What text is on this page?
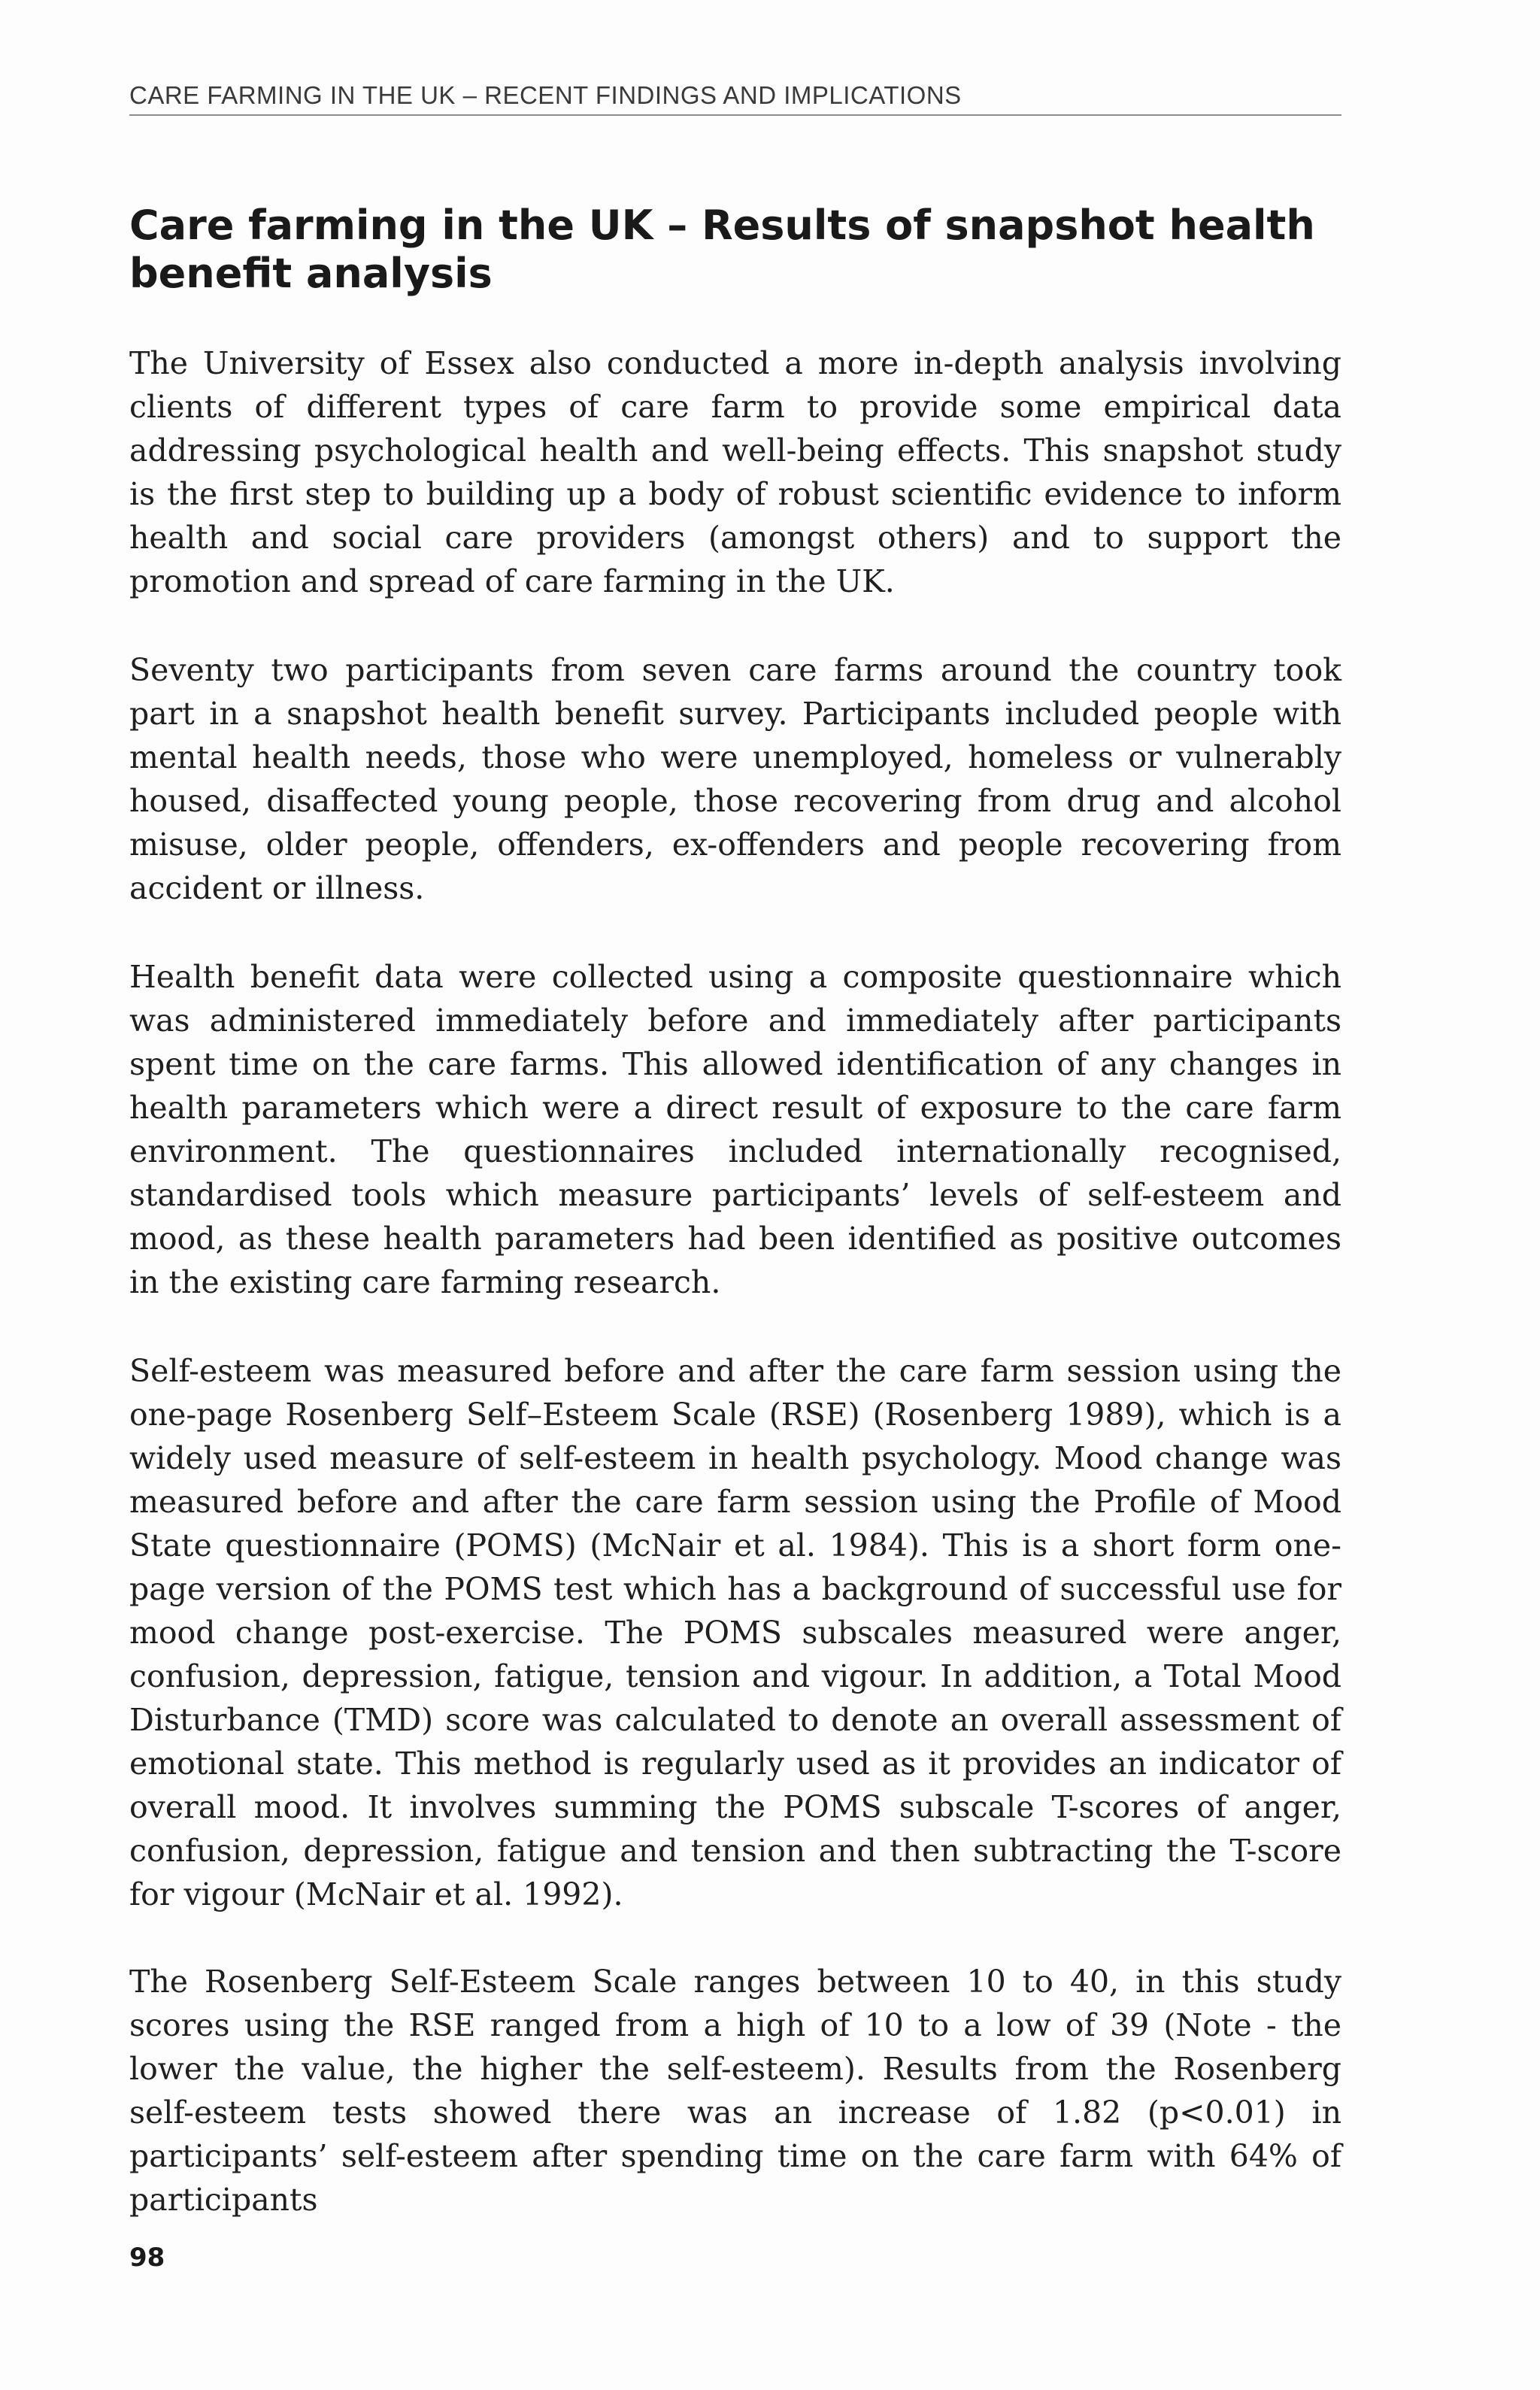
CARE FARMING IN THE UK – RECENT FINDINGS AND IMPLICATIONS
Care farming in the UK – Results of snapshot health benefit analysis

The University of Essex also conducted a more in-depth analysis involving clients of different types of care farm to provide some empirical data addressing psychological health and well-being effects. This snapshot study is the first step to building up a body of robust scientific evidence to inform health and social care providers (amongst others) and to support the promotion and spread of care farming in the UK.

Seventy two participants from seven care farms around the country took part in a snapshot health benefit survey. Participants included people with mental health needs, those who were unemployed, homeless or vulnerably housed, disaffected young people, those recovering from drug and alcohol misuse, older people, offenders, ex-offenders and people recovering from accident or illness.

Health benefit data were collected using a composite questionnaire which was administered immediately before and immediately after participants spent time on the care farms. This allowed identification of any changes in health parameters which were a direct result of exposure to the care farm environment. The questionnaires included internationally recognised, standardised tools which measure participants’ levels of self-esteem and mood, as these health parameters had been identified as positive outcomes in the existing care farming research.

Self-esteem was measured before and after the care farm session using the one-page Rosenberg Self–Esteem Scale (RSE) (Rosenberg 1989), which is a widely used measure of self-esteem in health psychology. Mood change was measured before and after the care farm session using the Profile of Mood State questionnaire (POMS) (McNair et al. 1984). This is a short form one-page version of the POMS test which has a background of successful use for mood change post-exercise. The POMS subscales measured were anger, confusion, depression, fatigue, tension and vigour. In addition, a Total Mood Disturbance (TMD) score was calculated to denote an overall assessment of emotional state. This method is regularly used as it provides an indicator of overall mood. It involves summing the POMS subscale T-scores of anger, confusion, depression, fatigue and tension and then subtracting the T-score for vigour (McNair et al. 1992).

The Rosenberg Self-Esteem Scale ranges between 10 to 40, in this study scores using the RSE ranged from a high of 10 to a low of 39 (Note - the lower the value, the higher the self-esteem). Results from the Rosenberg self-esteem tests showed there was an increase of 1.82 (p<0.01) in participants’ self-esteem after spending time on the care farm with 64% of participants

98
